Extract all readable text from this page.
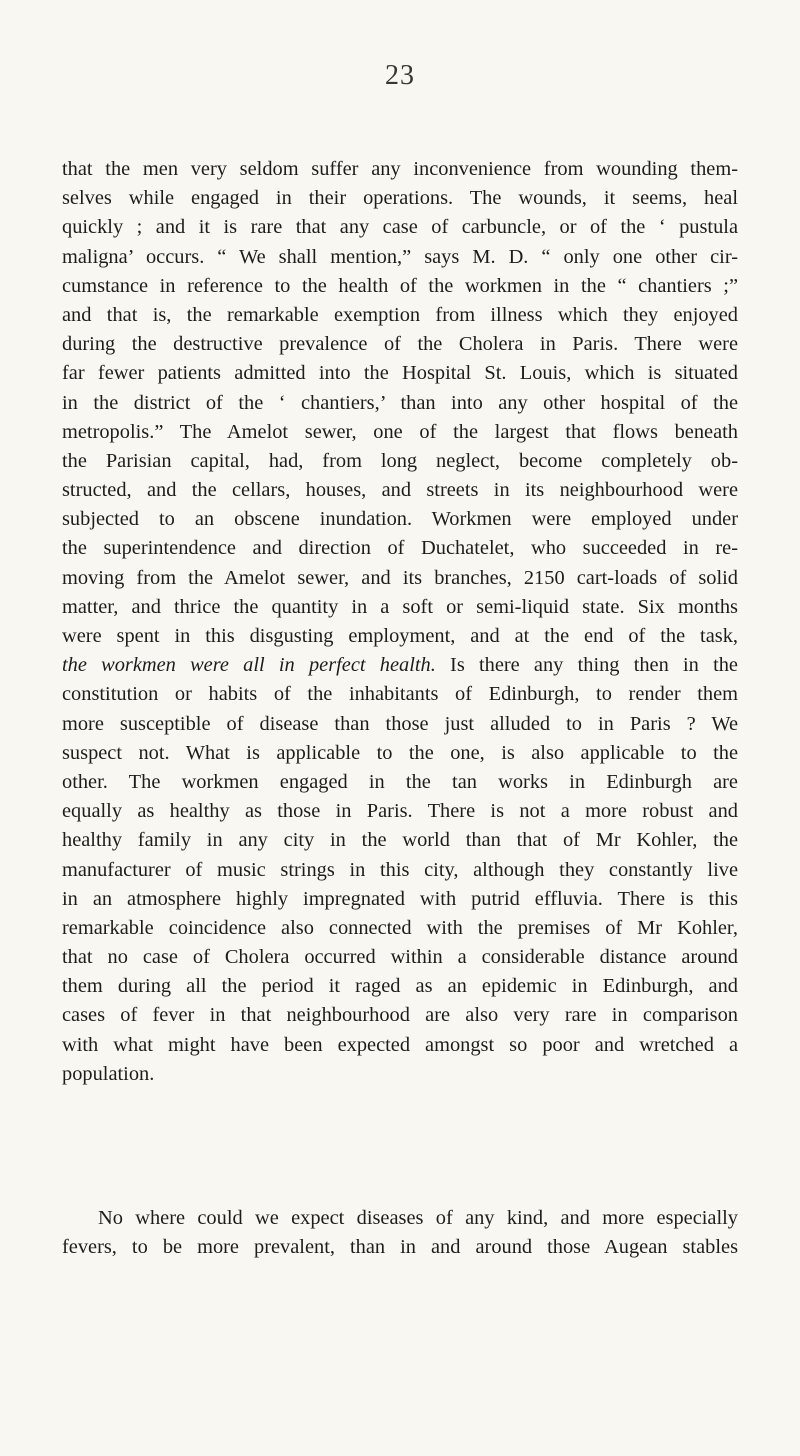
23
that the men very seldom suffer any inconvenience from wounding them-
selves while engaged in their operations. The wounds, it seems, heal
quickly ; and it is rare that any case of carbuncle, or of the ‘ pustula
maligna’ occurs. “ We shall mention,” says M. D. “ only one other cir-
cumstance in reference to the health of the workmen in the “ chantiers ;”
and that is, the remarkable exemption from illness which they enjoyed
during the destructive prevalence of the Cholera in Paris. There were
far fewer patients admitted into the Hospital St. Louis, which is situated
in the district of the ‘ chantiers,’ than into any other hospital of the
metropolis.” The Amelot sewer, one of the largest that flows beneath
the Parisian capital, had, from long neglect, become completely ob-
structed, and the cellars, houses, and streets in its neighbourhood were
subjected to an obscene inundation. Workmen were employed under
the superintendence and direction of Duchatelet, who succeeded in re-
moving from the Amelot sewer, and its branches, 2150 cart-loads of solid
matter, and thrice the quantity in a soft or semi-liquid state. Six months
were spent in this disgusting employment, and at the end of the task,
the workmen were all in perfect health. Is there any thing then in the
constitution or habits of the inhabitants of Edinburgh, to render them
more susceptible of disease than those just alluded to in Paris ? We
suspect not. What is applicable to the one, is also applicable to the
other. The workmen engaged in the tan works in Edinburgh are
equally as healthy as those in Paris. There is not a more robust and
healthy family in any city in the world than that of Mr Kohler, the
manufacturer of music strings in this city, although they constantly live
in an atmosphere highly impregnated with putrid effluvia. There is this
remarkable coincidence also connected with the premises of Mr Kohler,
that no case of Cholera occurred within a considerable distance around
them during all the period it raged as an epidemic in Edinburgh, and
cases of fever in that neighbourhood are also very rare in comparison
with what might have been expected amongst so poor and wretched a
population.
No where could we expect diseases of any kind, and more especially
fevers, to be more prevalent, than in and around those Augean stables
